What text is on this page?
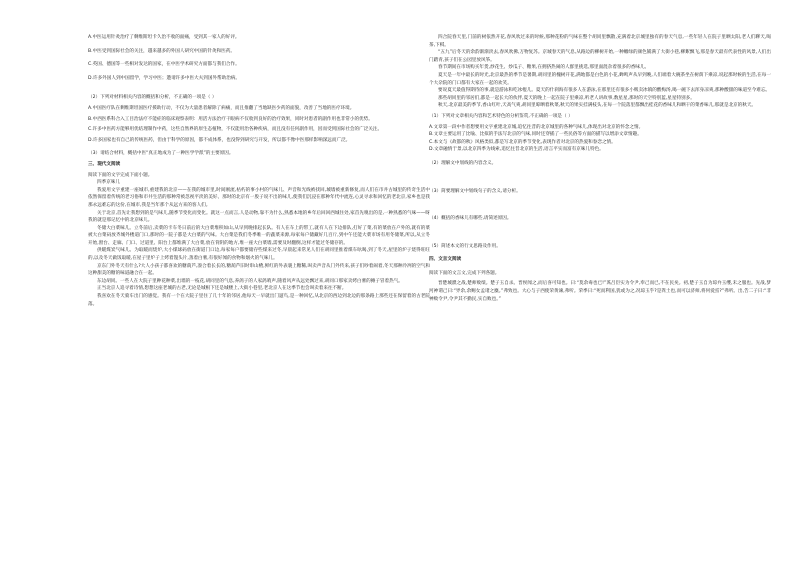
A.中医运用针灸治疗了剩维斯坦卡久治不收的面痛，受到其一家人的好评。

B.中医受到国际社会的关注，越来越多的外国人研究中国的针灸和医药。

C.英国、德国等一些相对发达的国家，在中医学术研究方面都与我们合作。

D.许多外国人到中国留学，学习中医；邀请许多中医大夫到国外帮助治病。

（2）下列对材料相关内容的概括和分析，不正确的一项是（ ）

A.中国医疗队在剩维斯坦国医疗援助行动，不仅为大量患者解除了病痛，而且推翻了当地缺医少药的面貌，改善了当地的医疗环境。

B.中西医系科合入工目治法疗不能症的临床观察表明：用活方法治疗干眼病不仅收到良好的治疗效果，同时对患者的副作用也非常小的优势。

C.许多中医药方能够用优结理制作中药，这些自然界的原生态植物，不仅能用治各种疾病，而且没有任何副作用，因而受到国际社会的广泛关注。

D.许多国家也有自己的传统医药，但由于科学的原因，都不成体系，也没得到研究与开发，所以都不像中医那样影响深远而广泛。

（3）请结合材料，概括中医“真正地成为了一种医学学派”的主要原因。

三、现代文阅读

阅读下面的文字完成下面小题。

四季京味儿

我爱用文字重建一座城市,重建我的北京——在我的城市里,时间刚流,枯朽的事小村的气味儿、声音和光线被找回,城墙被重新修复,而人们在市井古城里的传奇生活中依然保留着传统的老习俗和市井生活的那种常被忽视平淡的美好、那时的北京有一股子说不出的味儿,使我们沉浸在那种年代中流连,心灵寻求和回忆的老北京,家乡也是我那永远难忘的这份,在城市,我是当年那个从远方来的客人们。

关于北京,首先让我想到的是气味儿,随季节变化而变化。就这一点而言,人是动物,靠不为什么,熟悉本地的乡年后回回西城住处,家首先嗅出的是,一种熟悉的气味——呀我的就是那记忆中的北京味儿。

冬储大白菜味儿。立冬前后,卖菜的卡车冬日前后的大白菜堆积如山,从早到晚排起长队。有人在车上的带工,就有人在下边排队,打好了菜,有的菜放在户外的,就有的菜被大白菜码放齐城外楼道门口,那时的一院子都是大白菜的气味。大白菜是我们冬季唯一的蔬菜来源,每家每户储藏好几百斤,到中午还能大菜市场有用冬储菜,所以,从立冬开始,窗台、走廊、门口、过道里、阳台上都堆满了大白菜,放在背阴的地方,堆一座大白菜墙,需要及时翻倒,这样才能过冬储存的。

供暖煤炭气味儿。为取暖而烧炉,大小煤球码放在街道门口边,每家每户都要储存些煤来过冬,早晨起来常见人们在胡同里推着煤车吆喝,到了冬天,屋里的炉子烧得旺旺的,以及冬天做饭取暖,在屋子里炉子上烤着馒头片,蒸着白薯,有很好闻的食物和烟火的气味儿。

京东门外冬天有什么?大人小孩子都喜欢的糖葫芦,凑合着长长的,糖葫芦旧时串山楂,鲜红的外表裹上糖稀,叫卖声音从门外传来,孩子们吵着闹着,冬天那种冷冽的空气和这种甜美的糖的味道融合在一起。

东边胡同。一些人在大院子里种花种菜,出墙的一枝花,胡同里的气息,养鸽子的人家鸽哨声,随着风声从远处飘过来,胡同口那家卖烤白薯的摊子冒着热气。

正当北京人追寻着诗情,想想这座老城的古老,无论是城根下还是城楼上,大街小巷里,老北京人在这季节也会叫卖着来往不断。

我喜欢在冬天骑车出门的感觉。我有一个在大院子里住了几十年的邻居,他每天一早就出门遛鸟,是一种回忆,从北京的西边到北边的那条路上那些还在保留着的古老院落。

四合院春天里,门前的树依然开花,春风吹过来的时候,那种花粉的气味在整个胡同里飘散,充满着北京城里独有的春天气息,一些年轻人在院子里晒太阳,老人们聊天,喝茶,下棋。

“五九”后冬天的余韵渐渐淡去,春风吹拂,万物复苏。京城春天的气息,从路边的柳树开始,一种嫩绿的颜色铺满了大街小巷,柳絮飘飞,那是春天最有代表性的风景,人们出门踏青,孩子们在公园里放风筝。

春节期间在市场购买年货,炒花生、炒瓜子、糖果,在拥挤热闹的人群里挑选,那里面混杂着很多的香味儿。

夏天是一年中最长的时光,北京最热的季节是暑期,胡同里的槐树开花,满地都是白色的小花,蝉鸣声从早到晚,人们端着大碗茶坐在树荫下乘凉,说起那时候的生活,在每一个大杂院的门口都有大家在一起的欢笑。

要说夏天最值得期待的事,就是游泳和吃冰棍儿。夏天的什刹海有很多人在游泳,在那里还有很多小贩卖冰镇的酸梅汤,喝一碗下去浑身凉爽,那种酸甜的味道至今难忘。

那些胡同里的邻居们,都是一起长大的伙伴,夏天的晚上一起在院子里乘凉,听老人讲故事,数星星,那时的天空特别蓝,星星特别多。

秋天,北京最美的季节,香山红叶,天高气爽,胡同里晾晒着秋菜,秋天的果实挂满枝头,在每一个院落里都飘出桂花的香味儿和晒干的菜香味儿,那就是北京的秋天。

（1）下列对文章相关内容和艺术特色的分析鉴赏,不正确的一项是（ ）

A.文章第一段中作者想要用文字重建北京城,追忆往昔的北京城里的各种气味儿,体现出对北京的怀念之情。

B.文章主要运用了比喻、比拟的手法写北京的气味,同时还穿插了一些民俗等方面的描写以增添文章情趣。

C.本文与《故都的秋》风格类似,都是写北京的季节变化,表现作者对北京的热爱和眷恋之情。

D.文章融情于景,以北京四季为线索,追忆往昔北京的生活,语言平实而富有京味儿特色。

（2）理解文中划线的内容含义。

（3）简要理解文中划线句子的含义,请分析。

（4）概括的香味儿有哪些,请简述原因。

（5）简述本文的行文思路及作用。

四、文言文阅读

阅读下面的文言文,完成下列各题。

晋楚城濮之战,楚师败绩。楚子玉自杀。晋侯闻之,而后喜可知也。曰:“莫余毒也已!”蒍吕臣实为令尹,奉己而已,不在民矣。初,楚子玉自为琼弁玉缨,未之服也。先战,梦河神谓己曰:“畀余,余赐女孟诸之麋。”弗致也。大心与子西使荣黄谏,弗听。荣季曰:“死而利国,犹或为之,况琼玉乎?是粪土也,而可以济师,将何爱焉?”弗听。出,告二子曰:“非神败令尹,令尹其不勤民,实自败也。”
